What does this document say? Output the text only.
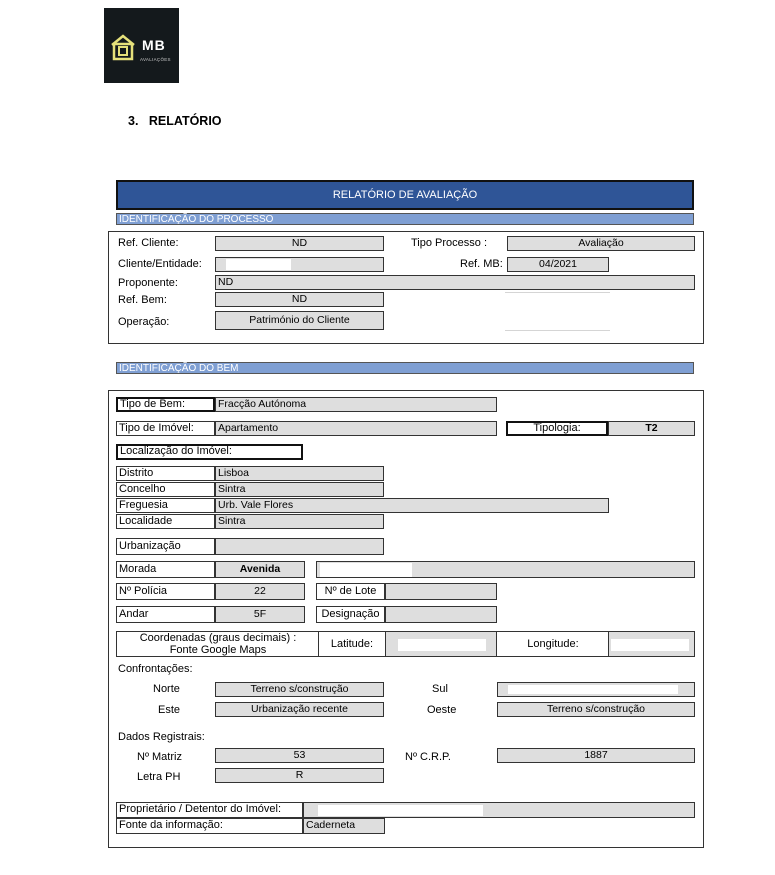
MB
AVALIAÇÕES
3.   RELATÓRIO
RELATÓRIO DE AVALIAÇÃO
IDENTIFICAÇÃO DO PROCESSO
Ref. Cliente:	ND	Tipo Processo :	Avaliação
Cliente/Entidade:	Ref. MB:	04/2021
Proponente:	ND
Ref. Bem:	ND
Operação:	Património do Cliente
IDENTIFICAÇÃO DO BEM
Tipo de Bem:	Fracção Autónoma
Tipo de Imóvel:	Apartamento	Tipologia:	T2
Localização do Imóvel:
Distrito	Lisboa
Concelho	Sintra
Freguesia	Urb. Vale Flores
Localidade	Sintra
Urbanização
Morada	Avenida
Nº Polícia	22	Nº de Lote
Andar	5F	Designação
Coordenadas (graus decimais) :
Fonte Google Maps	Latitude:	Longitude:
Confrontações:
Norte	Terreno s/construção	Sul
Este	Urbanização recente	Oeste	Terreno s/construção
Dados Registrais:
Nº Matriz	53	Nº C.R.P.	1887
Letra PH	R
Proprietário / Detentor do Imóvel:
Fonte da informação:	Caderneta
